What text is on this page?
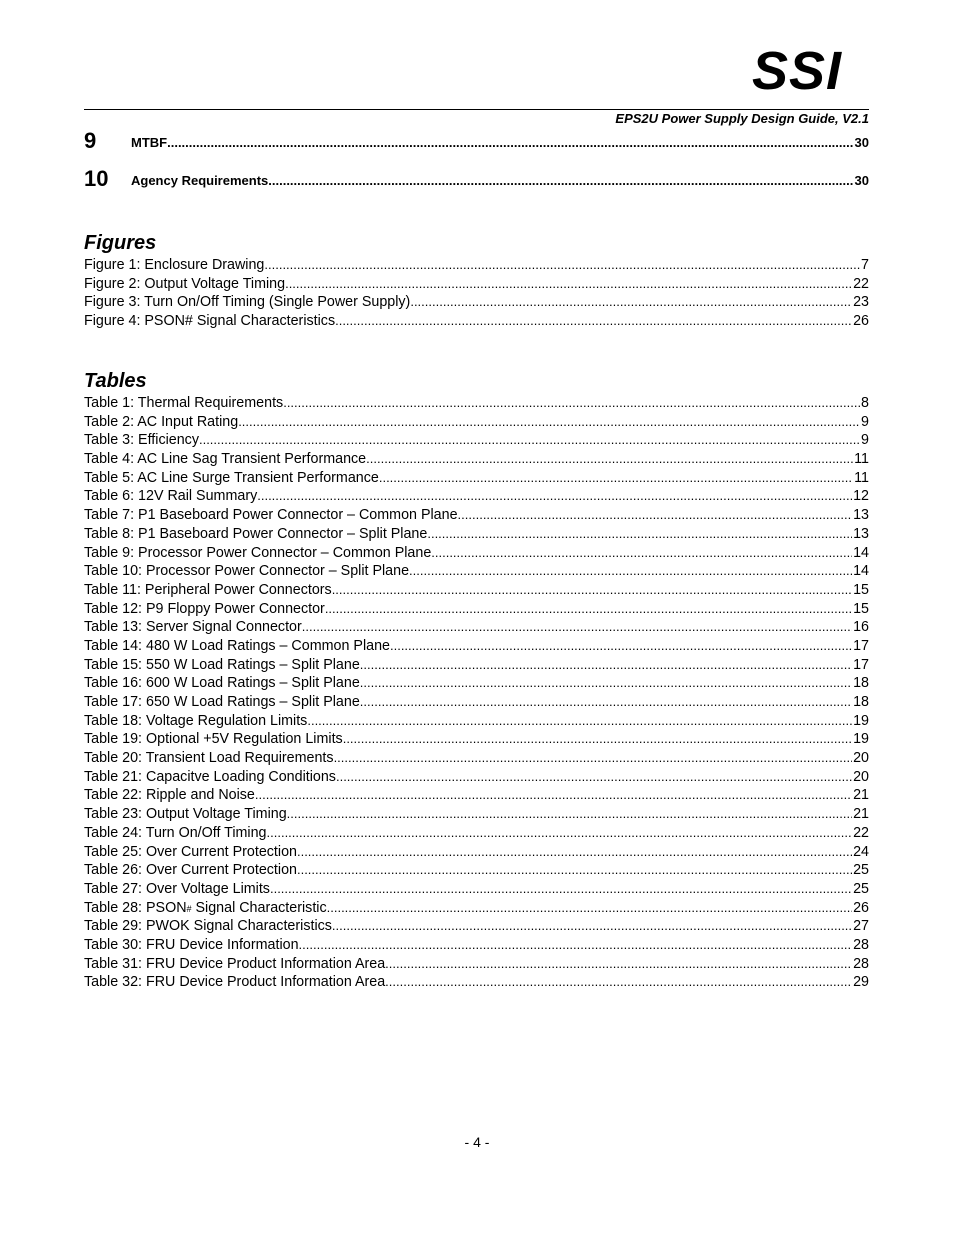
SSI
EPS2U Power Supply Design Guide, V2.1
9	MTBF .....	30
10 Agency Requirements .....	30
Figures
Figure 1: Enclosure Drawing .....	7
Figure 2: Output Voltage Timing .....	22
Figure 3: Turn On/Off Timing (Single Power Supply) .....	23
Figure 4: PSON# Signal Characteristics .....	26
Tables
Table 1: Thermal Requirements .....	8
Table 2: AC Input Rating .....	9
Table 3: Efficiency .....	9
Table 4: AC Line Sag Transient Performance .....	11
Table 5: AC Line Surge Transient Performance .....	11
Table 6: 12V Rail Summary .....	12
Table 7: P1 Baseboard Power Connector – Common Plane .....	13
Table 8: P1 Baseboard Power Connector – Split Plane .....	13
Table 9: Processor Power Connector – Common Plane .....	14
Table 10: Processor Power Connector – Split Plane .....	14
Table 11: Peripheral Power Connectors .....	15
Table 12: P9 Floppy Power Connector .....	15
Table 13: Server Signal Connector .....	16
Table 14: 480 W Load Ratings – Common Plane .....	17
Table 15: 550 W Load Ratings – Split Plane .....	17
Table 16: 600 W Load Ratings – Split Plane .....	18
Table 17: 650 W Load Ratings – Split Plane .....	18
Table 18: Voltage Regulation Limits .....	19
Table 19: Optional +5V Regulation Limits .....	19
Table 20: Transient Load Requirements .....	20
Table 21: Capacitve Loading Conditions .....	20
Table 22: Ripple and Noise .....	21
Table 23: Output Voltage Timing .....	21
Table 24: Turn On/Off Timing .....	22
Table 25: Over Current Protection .....	24
Table 26: Over Current Protection .....	25
Table 27: Over Voltage Limits .....	25
Table 28: PSON # Signal Characteristic .....	26
Table 29: PWOK Signal Characteristics .....	27
Table 30: FRU Device Information .....	28
Table 31: FRU Device Product Information Area .....	28
Table 32: FRU Device Product Information Area .....	29
- 4 -
